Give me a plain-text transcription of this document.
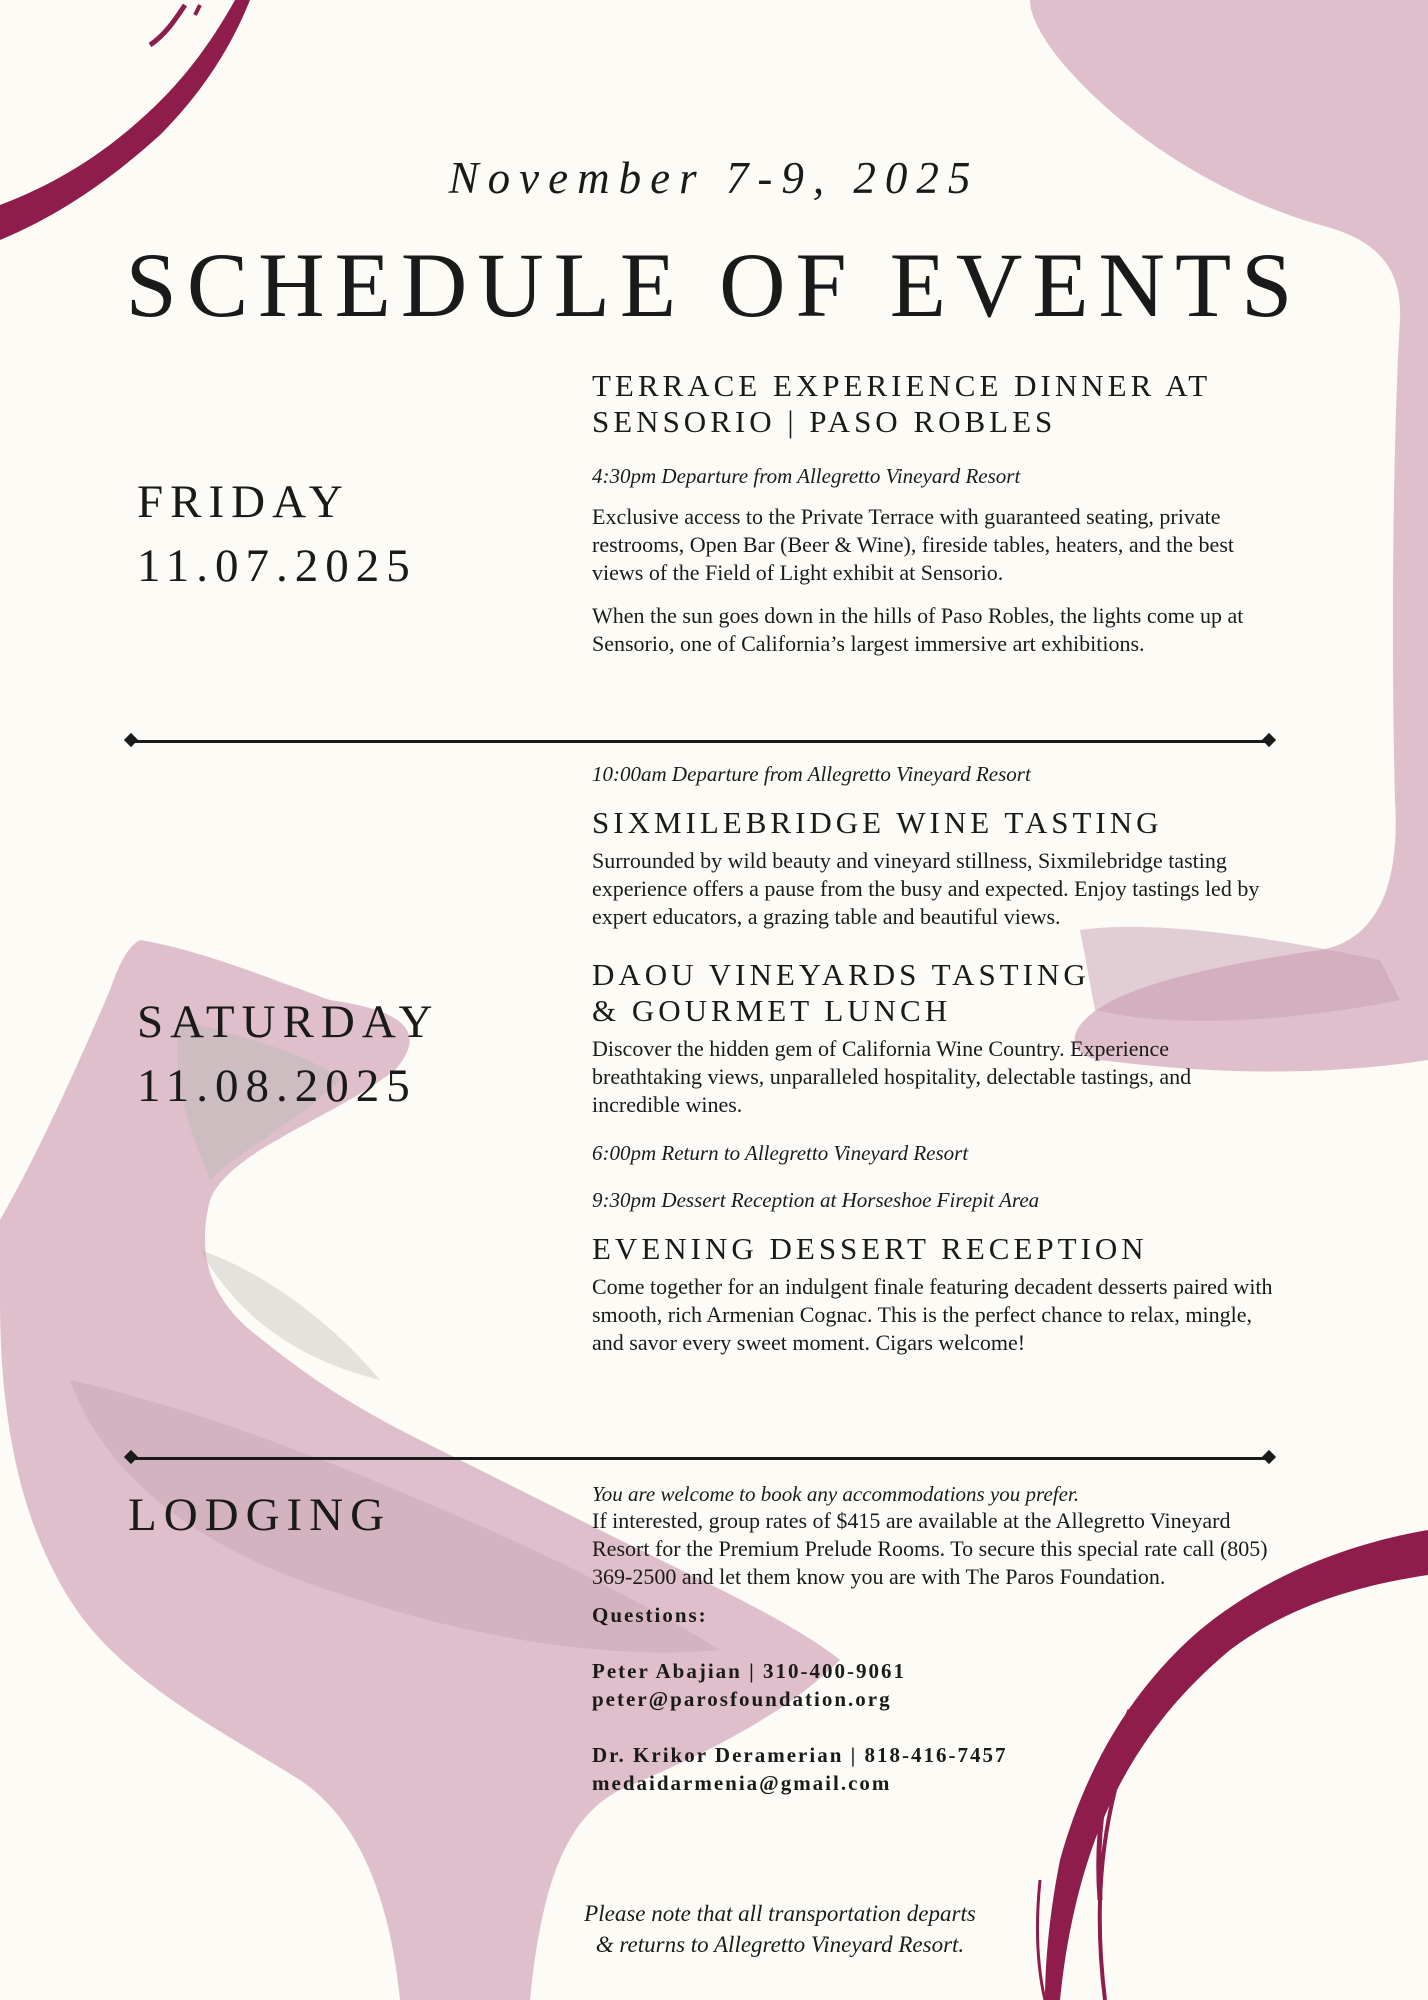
November 7-9, 2025
SCHEDULE OF EVENTS
FRIDAY
11.07.2025
TERRACE EXPERIENCE DINNER AT
SENSORIO | PASO ROBLES

4:30pm Departure from Allegretto Vineyard Resort

Exclusive access to the Private Terrace with guaranteed seating, private restrooms, Open Bar (Beer & Wine), fireside tables, heaters, and the best views of the Field of Light exhibit at Sensorio.

When the sun goes down in the hills of Paso Robles, the lights come up at Sensorio, one of California’s largest immersive art exhibitions.

SATURDAY
11.08.2025

10:00am Departure from Allegretto Vineyard Resort

SIXMILEBRIDGE WINE TASTING

Surrounded by wild beauty and vineyard stillness, Sixmilebridge tasting experience offers a pause from the busy and expected. Enjoy tastings led by expert educators, a grazing table and beautiful views.

DAOU VINEYARDS TASTING
& GOURMET LUNCH

Discover the hidden gem of California Wine Country. Experience breathtaking views, unparalleled hospitality, delectable tastings, and incredible wines.

6:00pm Return to Allegretto Vineyard Resort

9:30pm Dessert Reception at Horseshoe Firepit Area

EVENING DESSERT RECEPTION

Come together for an indulgent finale featuring decadent desserts paired with smooth, rich Armenian Cognac. This is the perfect chance to relax, mingle, and savor every sweet moment. Cigars welcome!

LODGING	You are welcome to book any accommodations you prefer.

If interested, group rates of $415 are available at the Allegretto Vineyard Resort for the Premium Prelude Rooms. To secure this special rate call (805) 369-2500 and let them know you are with The Paros Foundation.

Questions:

Peter Abajian | 310-400-9061

peter@parosfoundation.org

Dr. Krikor Deramerian | 818-416-7457

medaidarmenia@gmail.com

Please note that all transportation departs
& returns to Allegretto Vineyard Resort.
